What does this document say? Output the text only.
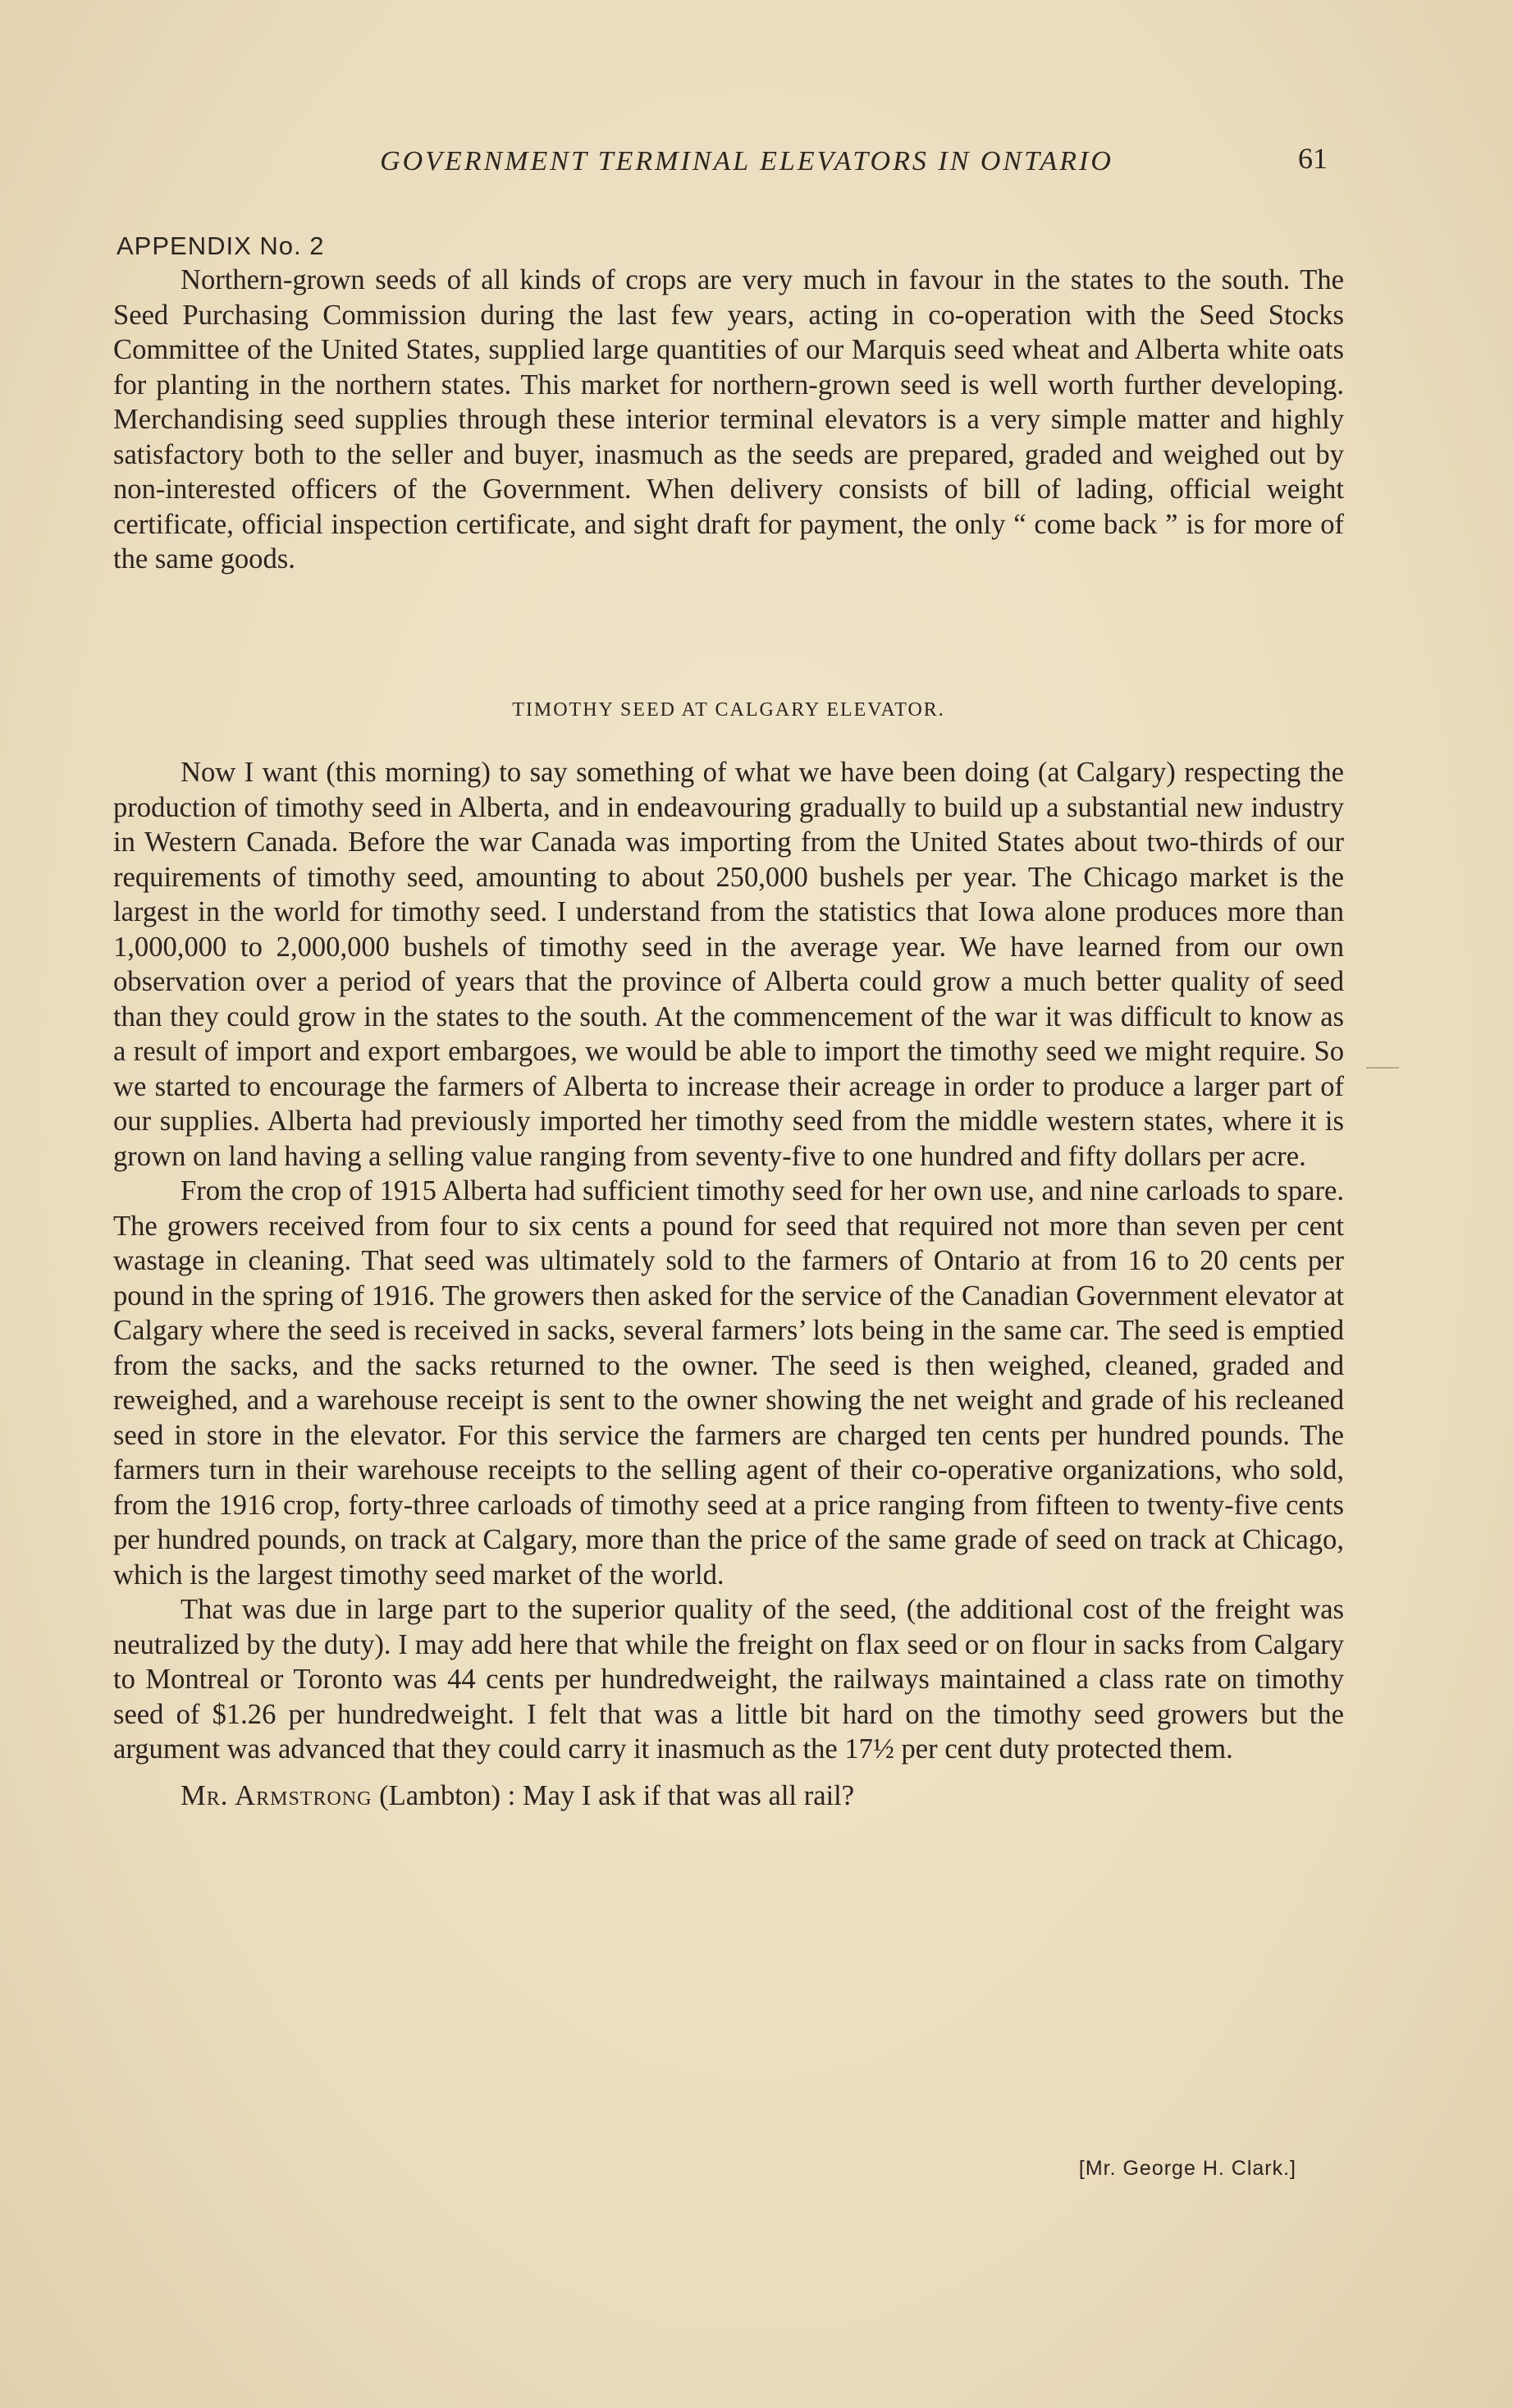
GOVERNMENT TERMINAL ELEVATORS IN ONTARIO	61
APPENDIX No. 2

Northern-grown seeds of all kinds of crops are very much in favour in the states to the south. The Seed Purchasing Commission during the last few years, acting in co-operation with the Seed Stocks Committee of the United States, supplied large quantities of our Marquis seed wheat and Alberta white oats for planting in the northern states. This market for northern-grown seed is well worth further developing. Merchandising seed supplies through these interior terminal elevators is a very simple matter and highly satisfactory both to the seller and buyer, inasmuch as the seeds are prepared, graded and weighed out by non-interested officers of the Government. When delivery consists of bill of lading, official weight certificate, official inspection certificate, and sight draft for payment, the only “ come back ” is for more of the same goods.

TIMOTHY SEED AT CALGARY ELEVATOR.

Now I want (this morning) to say something of what we have been doing (at Calgary) respecting the production of timothy seed in Alberta, and in endeavouring gradually to build up a substantial new industry in Western Canada. Before the war Canada was importing from the United States about two-thirds of our requirements of timothy seed, amounting to about 250,000 bushels per year. The Chicago market is the largest in the world for timothy seed. I understand from the statistics that Iowa alone produces more than 1,000,000 to 2,000,000 bushels of timothy seed in the average year. We have learned from our own observation over a period of years that the province of Alberta could grow a much better quality of seed than they could grow in the states to the south. At the commencement of the war it was difficult to know as a result of import and export embargoes, we would be able to import the timothy seed we might require. So we started to encourage the farmers of Alberta to increase their acreage in order to produce a larger part of our supplies. Alberta had previously imported her timothy seed from the middle western states, where it is grown on land having a selling value ranging from seventy-five to one hundred and fifty dollars per acre.

From the crop of 1915 Alberta had sufficient timothy seed for her own use, and nine carloads to spare. The growers received from four to six cents a pound for seed that required not more than seven per cent wastage in cleaning. That seed was ultimately sold to the farmers of Ontario at from 16 to 20 cents per pound in the spring of 1916. The growers then asked for the service of the Canadian Government elevator at Calgary where the seed is received in sacks, several farmers’ lots being in the same car. The seed is emptied from the sacks, and the sacks returned to the owner. The seed is then weighed, cleaned, graded and reweighed, and a warehouse receipt is sent to the owner showing the net weight and grade of his recleaned seed in store in the elevator. For this service the farmers are charged ten cents per hundred pounds. The farmers turn in their warehouse receipts to the selling agent of their co-operative organizations, who sold, from the 1916 crop, forty-three carloads of timothy seed at a price ranging from fifteen to twenty-five cents per hundred pounds, on track at Calgary, more than the price of the same grade of seed on track at Chicago, which is the largest timothy seed market of the world.

That was due in large part to the superior quality of the seed, (the additional cost of the freight was neutralized by the duty). I may add here that while the freight on flax seed or on flour in sacks from Calgary to Montreal or Toronto was 44 cents per hundredweight, the railways maintained a class rate on timothy seed of $1.26 per hundredweight. I felt that was a little bit hard on the timothy seed growers but the argument was advanced that they could carry it inasmuch as the 17½ per cent duty protected them.

Mr. Armstrong (Lambton) : May I ask if that was all rail?

[Mr. George H. Clark.]
